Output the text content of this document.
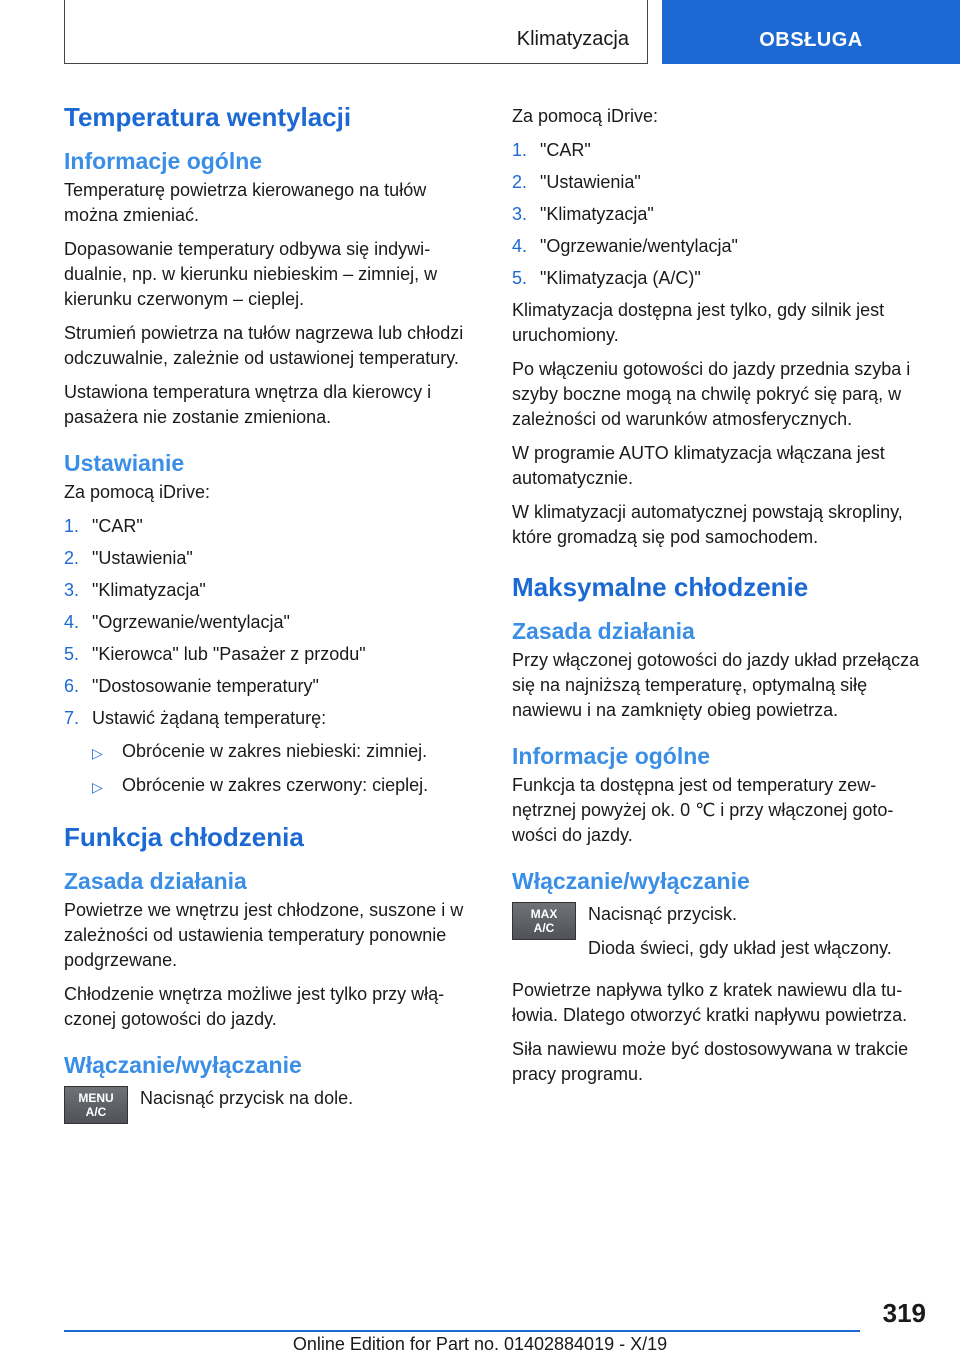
Klimatyzacja	OBSŁUGA
Temperatura wentylacji
Informacje ogólne

Temperaturę powietrza kierowanego na tułów można zmieniać.

Dopasowanie temperatury odbywa się indywidualnie, np. w kierunku niebieskim – zimniej, w kierunku czerwonym – cieplej.

Strumień powietrza na tułów nagrzewa lub chłodzi odczuwalnie, zależnie od ustawionej temperatury.

Ustawiona temperatura wnętrza dla kierowcy i pasażera nie zostanie zmieniona.

Ustawianie

Za pomocą iDrive:

1. "CAR"
2. "Ustawienia"
3. "Klimatyzacja"
4. "Ogrzewanie/wentylacja"
5. "Kierowca" lub "Pasażer z przodu"
6. "Dostosowanie temperatury"
7. Ustawić żądaną temperaturę:
▷	Obrócenie w zakres niebieski: zimniej.
▷	Obrócenie w zakres czerwony: cieplej.
Funkcja chłodzenia
Zasada działania

Powietrze we wnętrzu jest chłodzone, suszone i w zależności od ustawienia temperatury ponownie podgrzewane.

Chłodzenie wnętrza możliwe jest tylko przy włączonej gotowości do jazdy.

Włączanie/wyłączanie
MENU
A/C

Nacisnąć przycisk na dole.

Za pomocą iDrive:

1. "CAR"
2. "Ustawienia"
3. "Klimatyzacja"
4. "Ogrzewanie/wentylacja"
5. "Klimatyzacja (A/C)"

Klimatyzacja dostępna jest tylko, gdy silnik jest uruchomiony.

Po włączeniu gotowości do jazdy przednia szyba i szyby boczne mogą na chwilę pokryć się parą, w zależności od warunków atmosferycznych.

W programie AUTO klimatyzacja włączana jest automatycznie.

W klimatyzacji automatycznej powstają skropliny, które gromadzą się pod samochodem.

Maksymalne chłodzenie
Zasada działania

Przy włączonej gotowości do jazdy układ przełącza się na najniższą temperaturę, optymalną siłę nawiewu i na zamknięty obieg powietrza.

Informacje ogólne

Funkcja ta dostępna jest od temperatury zewnętrznej powyżej ok. 0 ℃ i przy włączonej gotowości do jazdy.

Włączanie/wyłączanie
MAX
A/C

Nacisnąć przycisk.

Dioda świeci, gdy układ jest włączony.

Powietrze napływa tylko z kratek nawiewu dla tułowia. Dlatego otworzyć kratki napływu powietrza.

Siła nawiewu może być dostosowywana w trakcie pracy programu.

319
Online Edition for Part no. 01402884019 - X/19
